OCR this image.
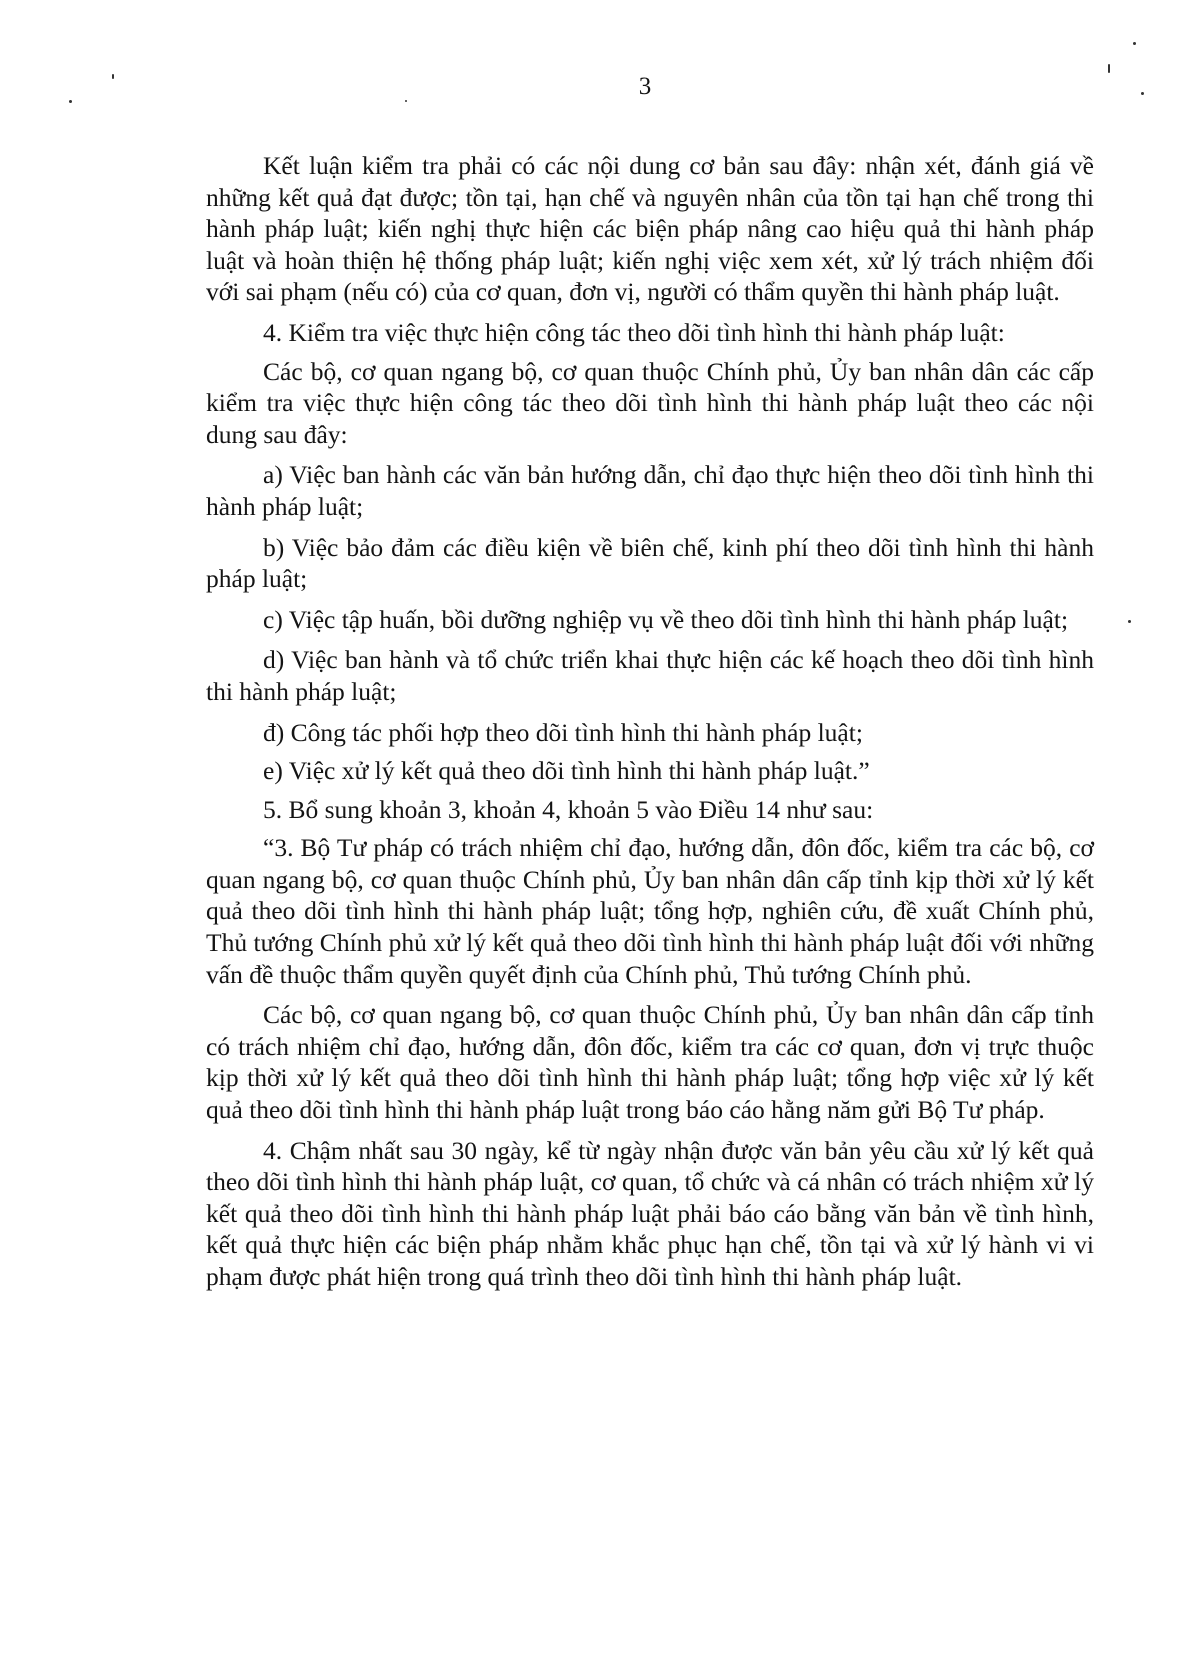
3

Kết luận kiểm tra phải có các nội dung cơ bản sau đây: nhận xét, đánh giá về những kết quả đạt được; tồn tại, hạn chế và nguyên nhân của tồn tại hạn chế trong thi hành pháp luật; kiến nghị thực hiện các biện pháp nâng cao hiệu quả thi hành pháp luật và hoàn thiện hệ thống pháp luật; kiến nghị việc xem xét, xử lý trách nhiệm đối với sai phạm (nếu có) của cơ quan, đơn vị, người có thẩm quyền thi hành pháp luật.

4. Kiểm tra việc thực hiện công tác theo dõi tình hình thi hành pháp luật:

Các bộ, cơ quan ngang bộ, cơ quan thuộc Chính phủ, Ủy ban nhân dân các cấp kiểm tra việc thực hiện công tác theo dõi tình hình thi hành pháp luật theo các nội dung sau đây:

a) Việc ban hành các văn bản hướng dẫn, chỉ đạo thực hiện theo dõi tình hình thi hành pháp luật;

b) Việc bảo đảm các điều kiện về biên chế, kinh phí theo dõi tình hình thi hành pháp luật;

c) Việc tập huấn, bồi dưỡng nghiệp vụ về theo dõi tình hình thi hành pháp luật;

d) Việc ban hành và tổ chức triển khai thực hiện các kế hoạch theo dõi tình hình thi hành pháp luật;

đ) Công tác phối hợp theo dõi tình hình thi hành pháp luật;

e) Việc xử lý kết quả theo dõi tình hình thi hành pháp luật.”

5. Bổ sung khoản 3, khoản 4, khoản 5 vào Điều 14 như sau:

“3. Bộ Tư pháp có trách nhiệm chỉ đạo, hướng dẫn, đôn đốc, kiểm tra các bộ, cơ quan ngang bộ, cơ quan thuộc Chính phủ, Ủy ban nhân dân cấp tỉnh kịp thời xử lý kết quả theo dõi tình hình thi hành pháp luật; tổng hợp, nghiên cứu, đề xuất Chính phủ, Thủ tướng Chính phủ xử lý kết quả theo dõi tình hình thi hành pháp luật đối với những vấn đề thuộc thẩm quyền quyết định của Chính phủ, Thủ tướng Chính phủ.

Các bộ, cơ quan ngang bộ, cơ quan thuộc Chính phủ, Ủy ban nhân dân cấp tỉnh có trách nhiệm chỉ đạo, hướng dẫn, đôn đốc, kiểm tra các cơ quan, đơn vị trực thuộc kịp thời xử lý kết quả theo dõi tình hình thi hành pháp luật; tổng hợp việc xử lý kết quả theo dõi tình hình thi hành pháp luật trong báo cáo hằng năm gửi Bộ Tư pháp.

4. Chậm nhất sau 30 ngày, kể từ ngày nhận được văn bản yêu cầu xử lý kết quả theo dõi tình hình thi hành pháp luật, cơ quan, tổ chức và cá nhân có trách nhiệm xử lý kết quả theo dõi tình hình thi hành pháp luật phải báo cáo bằng văn bản về tình hình, kết quả thực hiện các biện pháp nhằm khắc phục hạn chế, tồn tại và xử lý hành vi vi phạm được phát hiện trong quá trình theo dõi tình hình thi hành pháp luật.
